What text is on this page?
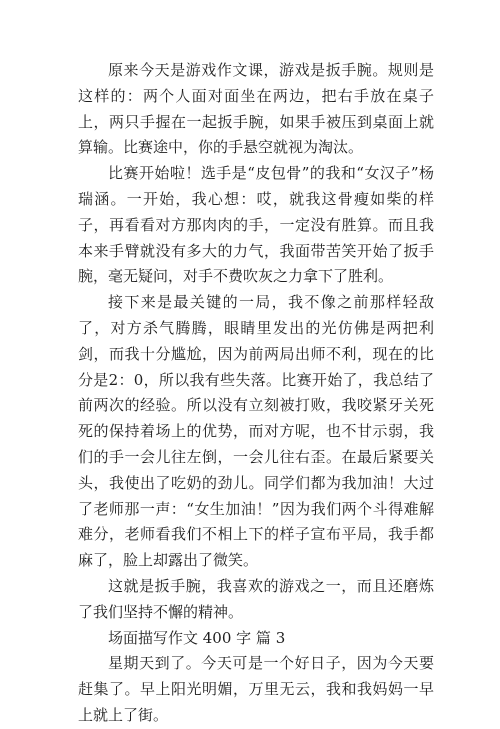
原来今天是游戏作文课，游戏是扳手腕。规则是这样的：两个人面对面坐在两边，把右手放在桌子上，两只手握在一起扳手腕，如果手被压到桌面上就算输。比赛途中，你的手悬空就视为淘汰。

比赛开始啦！选手是“皮包骨”的我和“女汉子”杨瑞涵。一开始，我心想：哎，就我这骨瘦如柴的样子，再看看对方那肉肉的手，一定没有胜算。而且我本来手臂就没有多大的力气，我面带苦笑开始了扳手腕，毫无疑问，对手不费吹灰之力拿下了胜利。

接下来是最关键的一局，我不像之前那样轻敌了，对方杀气腾腾，眼睛里发出的光仿佛是两把利剑，而我十分尴尬，因为前两局出师不利，现在的比分是2：0，所以我有些失落。比赛开始了，我总结了前两次的经验。所以没有立刻被打败，我咬紧牙关死死的保持着场上的优势，而对方呢，也不甘示弱，我们的手一会儿往左倒，一会儿往右歪。在最后紧要关头，我使出了吃奶的劲儿。同学们都为我加油！大过了老师那一声：“女生加油！”因为我们两个斗得难解难分，老师看我们不相上下的样子宣布平局，我手都麻了，脸上却露出了微笑。

这就是扳手腕，我喜欢的游戏之一，而且还磨炼了我们坚持不懈的精神。

场面描写作文 400 字 篇 3

星期天到了。今天可是一个好日子，因为今天要赶集了。早上阳光明媚，万里无云，我和我妈妈一早上就上了街。
